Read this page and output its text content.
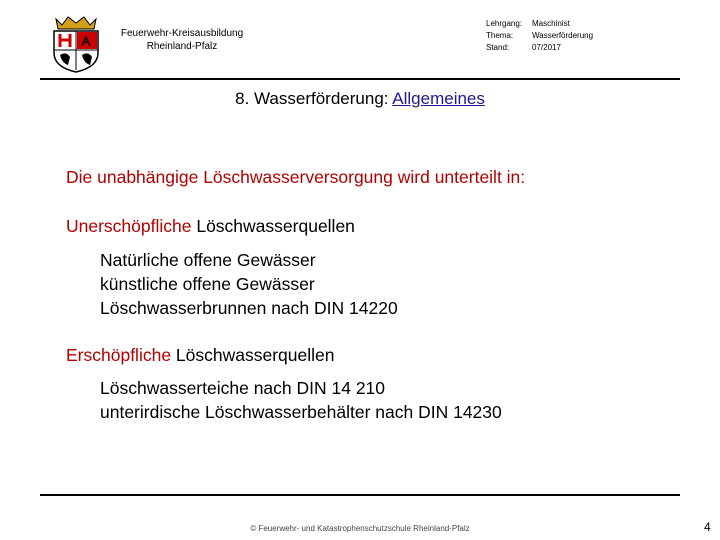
Feuerwehr-Kreisausbildung
Rheinland-Pfalz
Lehrgang:	Maschinist
Thema:	Wasserförderung
Stand:	07/2017
8. Wasserförderung: Allgemeines
Die unabhängige Löschwasserversorgung wird unterteilt in:
Unerschöpfliche Löschwasserquellen
Natürliche offene Gewässer
künstliche offene Gewässer
Löschwasserbrunnen nach DIN 14220
Erschöpfliche Löschwasserquellen
Löschwasserteiche nach DIN 14 210
unterirdische Löschwasserbehälter nach DIN 14230
© Feuerwehr- und Katastrophenschutzschule Rheinland-Pfalz	4
